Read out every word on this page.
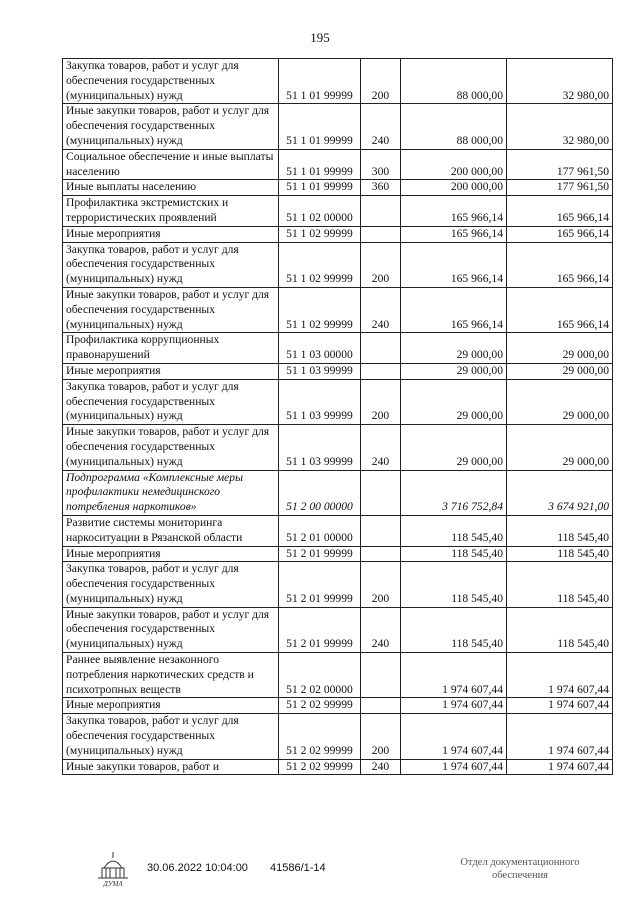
195
Закупка товаров, работ и услуг для обеспечения государственных (муниципальных) нужд	51 1 01 99999	200	88 000,00	32 980,00
Иные закупки товаров, работ и услуг для обеспечения государственных (муниципальных) нужд	51 1 01 99999	240	88 000,00	32 980,00
Социальное обеспечение и иные выплаты населению	51 1 01 99999	300	200 000,00	177 961,50
Иные выплаты населению	51 1 01 99999	360	200 000,00	177 961,50
Профилактика экстремистских и террористических проявлений	51 1 02 00000		165 966,14	165 966,14
Иные мероприятия	51 1 02 99999		165 966,14	165 966,14
Закупка товаров, работ и услуг для обеспечения государственных (муниципальных) нужд	51 1 02 99999	200	165 966,14	165 966,14
Иные закупки товаров, работ и услуг для обеспечения государственных (муниципальных) нужд	51 1 02 99999	240	165 966,14	165 966,14
Профилактика коррупционных правонарушений	51 1 03 00000		29 000,00	29 000,00
Иные мероприятия	51 1 03 99999		29 000,00	29 000,00
Закупка товаров, работ и услуг для обеспечения государственных (муниципальных) нужд	51 1 03 99999	200	29 000,00	29 000,00
Иные закупки товаров, работ и услуг для обеспечения государственных (муниципальных) нужд	51 1 03 99999	240	29 000,00	29 000,00
Подпрограмма «Комплексные меры профилактики немедицинского потребления наркотиков»	51 2 00 00000		3 716 752,84	3 674 921,00
Развитие системы мониторинга наркоситуации в Рязанской области	51 2 01 00000		118 545,40	118 545,40
Иные мероприятия	51 2 01 99999		118 545,40	118 545,40
Закупка товаров, работ и услуг для обеспечения государственных (муниципальных) нужд	51 2 01 99999	200	118 545,40	118 545,40
Иные закупки товаров, работ и услуг для обеспечения государственных (муниципальных) нужд	51 2 01 99999	240	118 545,40	118 545,40
Раннее выявление незаконного потребления наркотических средств и психотропных веществ	51 2 02 00000		1 974 607,44	1 974 607,44
Иные мероприятия	51 2 02 99999		1 974 607,44	1 974 607,44
Закупка товаров, работ и услуг для обеспечения государственных (муниципальных) нужд	51 2 02 99999	200	1 974 607,44	1 974 607,44
Иные закупки товаров, работ и	51 2 02 99999	240	1 974 607,44	1 974 607,44
ДУМА
30.06.2022 10:04:00 41586/1-14	Отдел документационного обеспечения
